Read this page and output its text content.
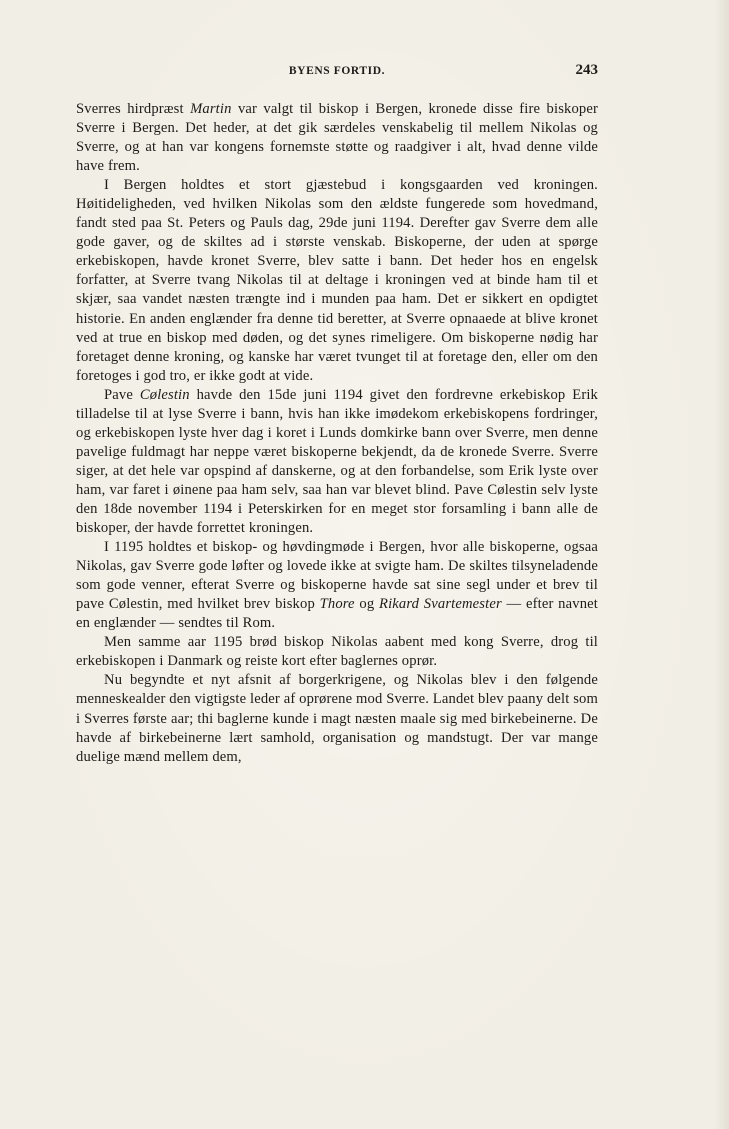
BYENS FORTID.	243

Sverres hirdpræst Martin var valgt til biskop i Bergen, kronede disse fire biskoper Sverre i Bergen. Det heder, at det gik særdeles venskabelig til mellem Nikolas og Sverre, og at han var kongens fornemste støtte og raadgiver i alt, hvad denne vilde have frem.

I Bergen holdtes et stort gjæstebud i kongsgaarden ved kroningen. Høitideligheden, ved hvilken Nikolas som den ældste fungerede som hovedmand, fandt sted paa St. Peters og Pauls dag, 29de juni 1194. Derefter gav Sverre dem alle gode gaver, og de skiltes ad i største venskab. Biskoperne, der uden at spørge erkebiskopen, havde kronet Sverre, blev satte i bann. Det heder hos en engelsk forfatter, at Sverre tvang Nikolas til at deltage i kroningen ved at binde ham til et skjær, saa vandet næsten trængte ind i munden paa ham. Det er sikkert en opdigtet historie. En anden englænder fra denne tid beretter, at Sverre opnaaede at blive kronet ved at true en biskop med døden, og det synes rimeligere. Om biskoperne nødig har foretaget denne kroning, og kanske har været tvunget til at foretage den, eller om den foretoges i god tro, er ikke godt at vide.

Pave Cølestin havde den 15de juni 1194 givet den fordrevne erkebiskop Erik tilladelse til at lyse Sverre i bann, hvis han ikke imødekom erkebiskopens fordringer, og erkebiskopen lyste hver dag i koret i Lunds domkirke bann over Sverre, men denne pavelige fuldmagt har neppe været biskoperne bekjendt, da de kronede Sverre. Sverre siger, at det hele var opspind af danskerne, og at den forbandelse, som Erik lyste over ham, var faret i øinene paa ham selv, saa han var blevet blind. Pave Cølestin selv lyste den 18de november 1194 i Peterskirken for en meget stor forsamling i bann alle de biskoper, der havde forrettet kroningen.

I 1195 holdtes et biskop- og høvdingmøde i Bergen, hvor alle biskoperne, ogsaa Nikolas, gav Sverre gode løfter og lovede ikke at svigte ham. De skiltes tilsyneladende som gode venner, efterat Sverre og biskoperne havde sat sine segl under et brev til pave Cølestin, med hvilket brev biskop Thore og Rikard Svartemester — efter navnet en englænder — sendtes til Rom.

Men samme aar 1195 brød biskop Nikolas aabent med kong Sverre, drog til erkebiskopen i Danmark og reiste kort efter baglernes oprør.

Nu begyndte et nyt afsnit af borgerkrigene, og Nikolas blev i den følgende menneskealder den vigtigste leder af oprørene mod Sverre. Landet blev paany delt som i Sverres første aar; thi baglerne kunde i magt næsten maale sig med birkebeinerne. De havde af birkebeinerne lært samhold, organisation og mandstugt. Der var mange duelige mænd mellem dem,
